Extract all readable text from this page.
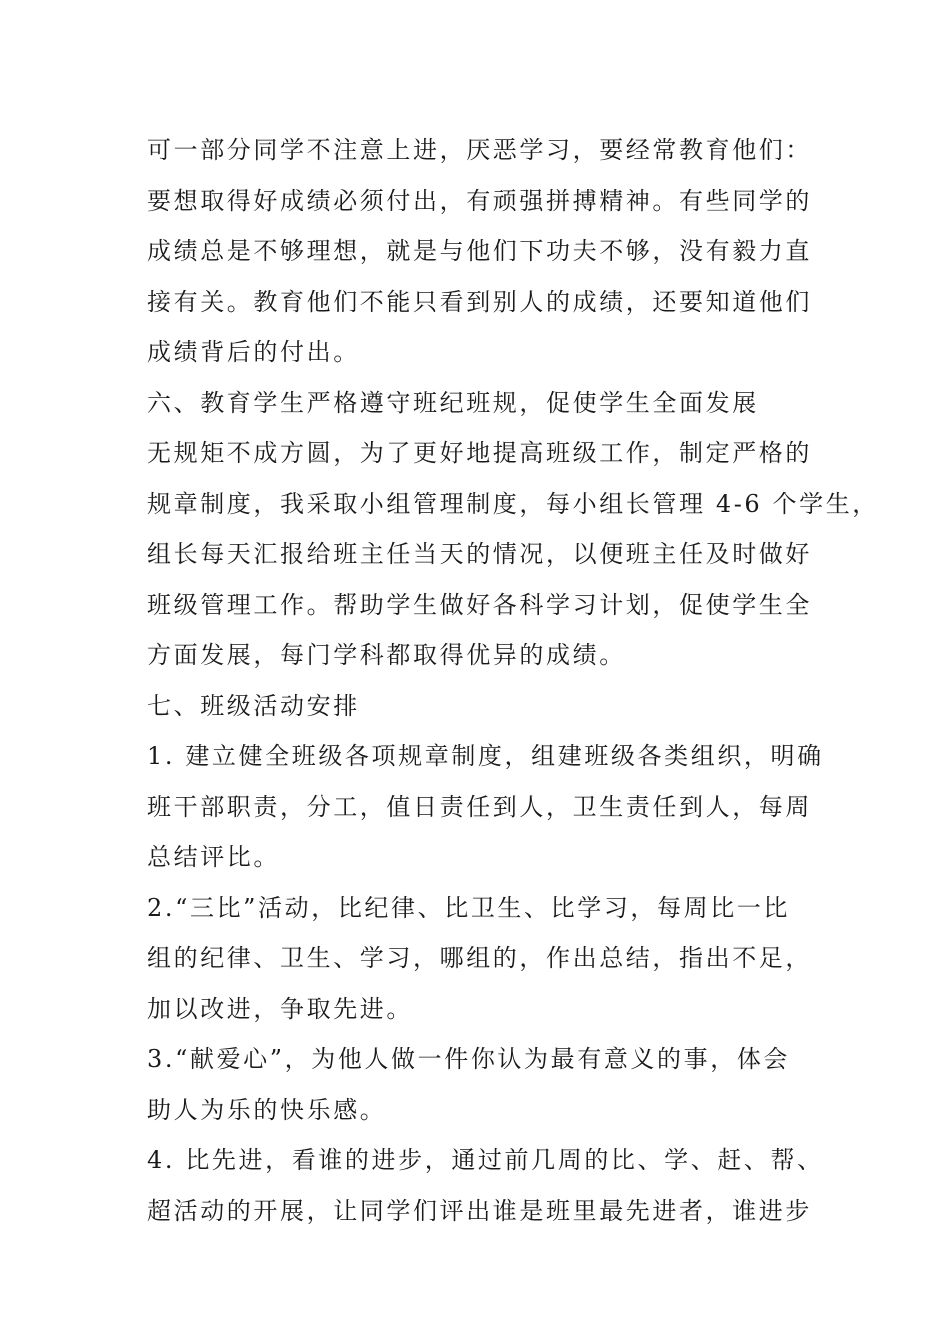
可一部分同学不注意上进，厌恶学习，要经常教育他们：
要想取得好成绩必须付出，有顽强拼搏精神。有些同学的
成绩总是不够理想，就是与他们下功夫不够，没有毅力直
接有关。教育他们不能只看到别人的成绩，还要知道他们
成绩背后的付出。
六、教育学生严格遵守班纪班规，促使学生全面发展
无规矩不成方圆，为了更好地提高班级工作，制定严格的
规章制度，我采取小组管理制度，每小组长管理 4-6 个学生，
组长每天汇报给班主任当天的情况，以便班主任及时做好
班级管理工作。帮助学生做好各科学习计划，促使学生全
方面发展，每门学科都取得优异的成绩。
七、班级活动安排
1. 建立健全班级各项规章制度，组建班级各类组织，明确
班干部职责，分工，值日责任到人，卫生责任到人，每周
总结评比。
2.“三比”活动，比纪律、比卫生、比学习，每周比一比
组的纪律、卫生、学习，哪组的，作出总结，指出不足，
加以改进，争取先进。
3.“献爱心”，为他人做一件你认为最有意义的事，体会
助人为乐的快乐感。
4. 比先进，看谁的进步，通过前几周的比、学、赶、帮、
超活动的开展，让同学们评出谁是班里最先进者，谁进步
